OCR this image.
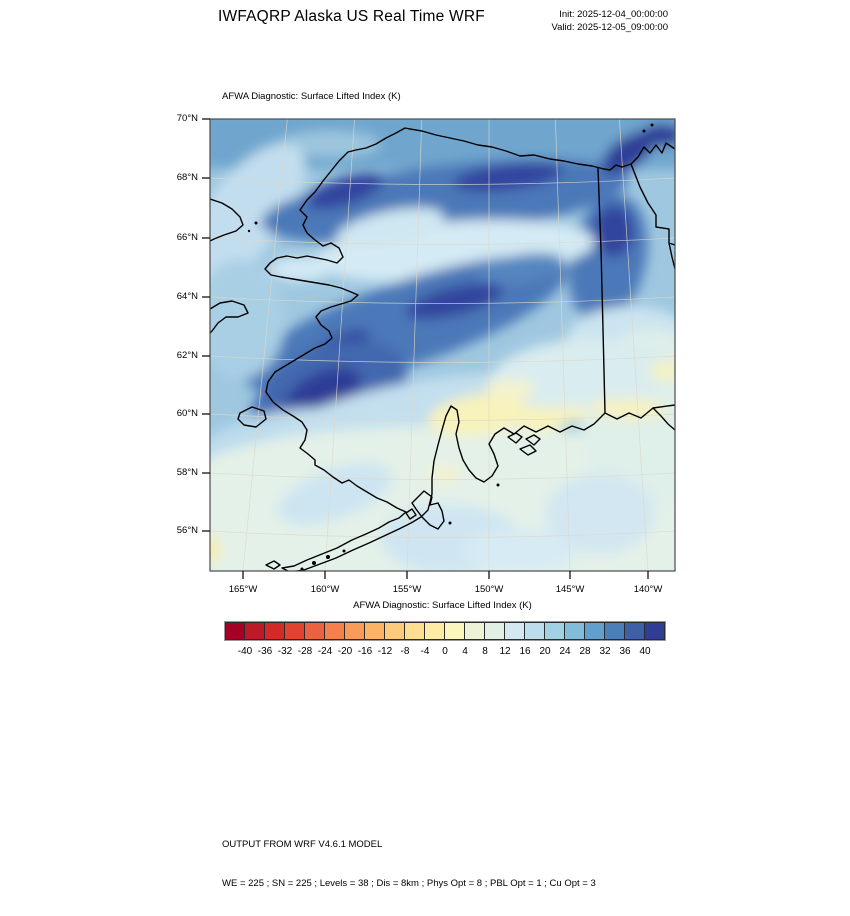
IWFAQRP Alaska US Real Time WRF	Init: 2025-12-04_00:00:00
Valid: 2025-12-05_09:00:00
AFWA Diagnostic: Surface Lifted Index (K)
70°N
68°N
66°N
64°N
62°N
60°N
58°N
56°N
165°W	160°W	155°W	150°W	145°W	140°W
AFWA Diagnostic: Surface Lifted Index (K)
-40 -36 -32 -28 -24 -20 -16 -12 -8	-4	0	4	8	12 16 20 24 28 32 36 40

OUTPUT FROM WRF V4.6.1 MODEL

WE = 225 ; SN = 225 ; Levels = 38 ; Dis = 8km ; Phys Opt = 8 ; PBL Opt = 1 ; Cu Opt = 3
